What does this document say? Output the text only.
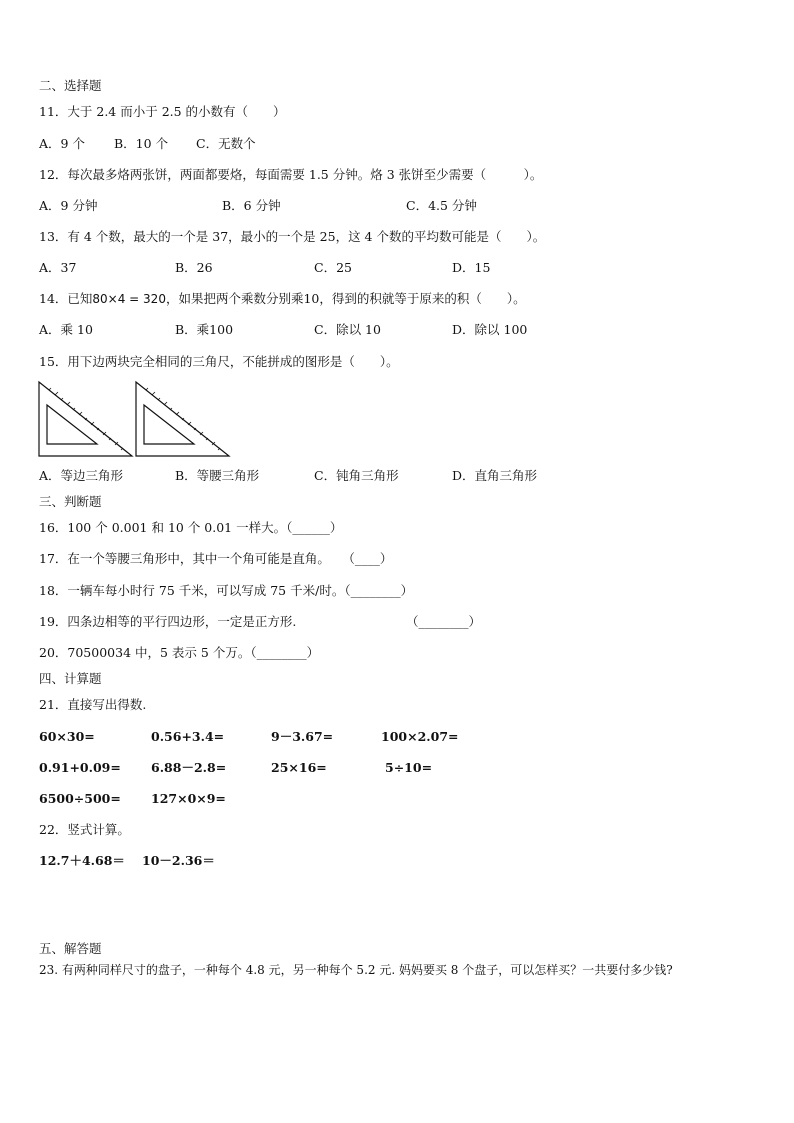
二、选择题
11．大于 2.4 而小于 2.5 的小数有（　　）
A．9 个 B．10 个 C．无数个
12．每次最多烙两张饼，两面都要烙，每面需要 1.5 分钟。烙 3 张饼至少需要（　　　）。
A．9 分钟	B．6 分钟	C．4.5 分钟
13．有 4 个数，最大的一个是 37，最小的一个是 25，这 4 个数的平均数可能是（　　）。
A．37	B．26	C．25	D．15
14．已知80×4 = 320，如果把两个乘数分别乘10，得到的积就等于原来的积（　　）。
A．乘 10	B．乘100	C．除以 10	D．除以 100
15．用下边两块完全相同的三角尺，不能拼成的图形是（　　）。
A．等边三角形	B．等腰三角形	C．钝角三角形	D．直角三角形
三、判断题
16．100 个 0.001 和 10 个 0.01 一样大。（______）
17．在一个等腰三角形中，其中一个角可能是直角。　　（____）
18．一辆车每小时行 75 千米，可以写成 75 千米/时。（________）
19．四条边相等的平行四边形，一定是正方形.	（________）
20．70500034 中，5 表示 5 个万。（________）
四、计算题
21．直接写出得数.
60×30=	0.56+3.4=	9－3.67=	100×2.07=
0.91+0.09= 6.88－2.8=	25×16=	5÷10=
6500÷500= 127×0×9=
22．竖式计算。
12.7＋4.68＝ 10－2.36＝
五、解答题
23. 有两种同样尺寸的盘子，一种每个 4.8 元，另一种每个 5.2 元. 妈妈要买 8 个盘子，可以怎样买？一共要付多少钱?
